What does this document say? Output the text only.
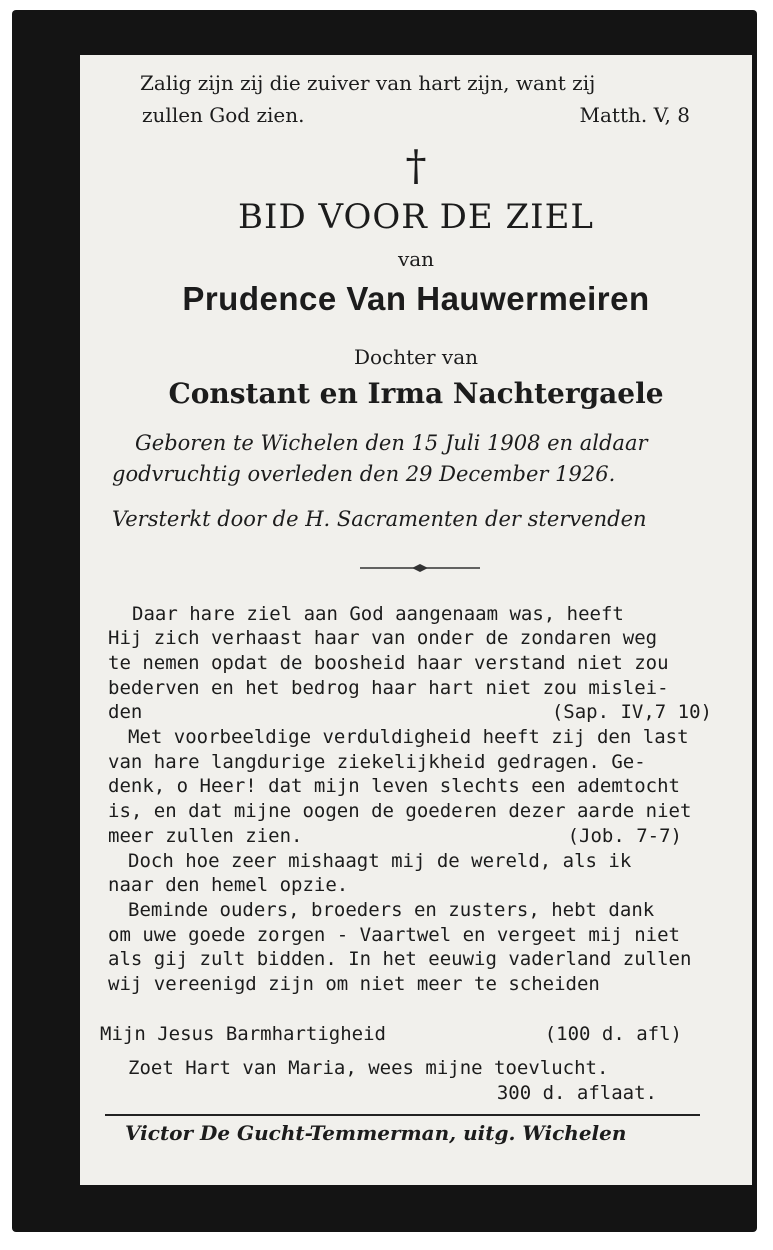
Zalig zijn zij die zuiver van hart zijn, want zij
zullen God zien.	Matth. V, 8
†
BID VOOR DE ZIEL
van
Prudence Van Hauwermeiren
Dochter van
Constant en Irma Nachtergaele
Geboren te Wichelen den 15 Juli 1908 en aldaar
godvruchtig overleden den 29 December 1926.
Versterkt door de H. Sacramenten der stervenden
Daar hare ziel aan God aangenaam was, heeft
Hij zich verhaast haar van onder de zondaren weg
te nemen opdat de boosheid haar verstand niet zou
bederven en het bedrog haar hart niet zou mislei-
den	(Sap. IV,7 10)
Met voorbeeldige verduldigheid heeft zij den last
van hare langdurige ziekelijkheid gedragen. Ge-
denk, o Heer! dat mijn leven slechts een ademtocht
is, en dat mijne oogen de goederen dezer aarde niet
meer zullen zien.	(Job. 7-7)
Doch hoe zeer mishaagt mij de wereld, als ik
naar den hemel opzie.
Beminde ouders, broeders en zusters, hebt dank
om uwe goede zorgen - Vaartwel en vergeet mij niet
als gij zult bidden. In het eeuwig vaderland zullen
wij vereenigd zijn om niet meer te scheiden
Mijn Jesus Barmhartigheid	(100 d. afl)
Zoet Hart van Maria, wees mijne toevlucht.
300 d. aflaat.
Victor De Gucht-Temmerman, uitg. Wichelen
